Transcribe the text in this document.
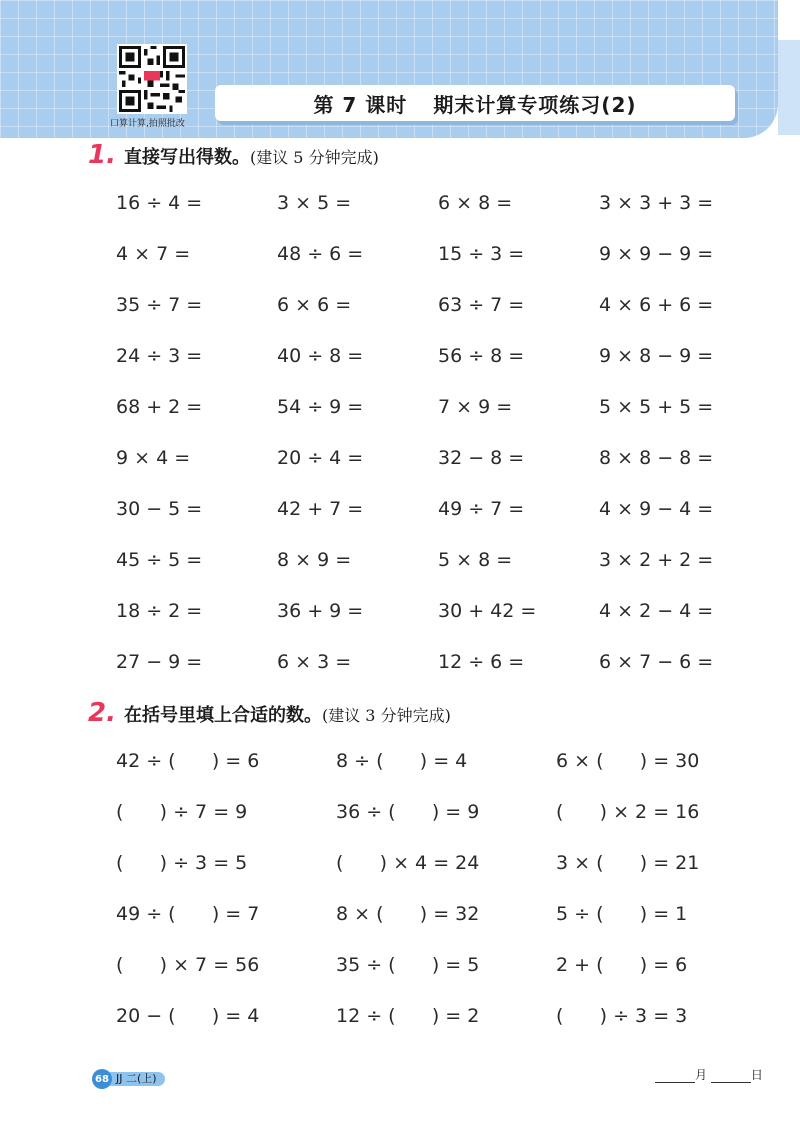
口算计算,拍照批改
第 7 课时 期末计算专项练习(2)
1. 直接写出得数。 (建议 5 分钟完成)
16 ÷ 4 =	3 × 5 =	6 × 8 =	3 × 3 + 3 =
4 × 7 =	48 ÷ 6 =	15 ÷ 3 =	9 × 9 − 9 =
35 ÷ 7 =	6 × 6 =	63 ÷ 7 =	4 × 6 + 6 =
24 ÷ 3 =	40 ÷ 8 =	56 ÷ 8 =	9 × 8 − 9 =
68 + 2 =	54 ÷ 9 =	7 × 9 =	5 × 5 + 5 =
9 × 4 =	20 ÷ 4 =	32 − 8 =	8 × 8 − 8 =
30 − 5 =	42 + 7 =	49 ÷ 7 =	4 × 9 − 4 =
45 ÷ 5 =	8 × 9 =	5 × 8 =	3 × 2 + 2 =
18 ÷ 2 =	36 + 9 =	30 + 42 =	4 × 2 − 4 =
27 − 9 =	6 × 3 =	12 ÷ 6 =	6 × 7 − 6 =
2. 在括号里填上合适的数。 (建议 3 分钟完成)
42 ÷ (      ) = 6	8 ÷ (      ) = 4	6 × (      ) = 30
(      ) ÷ 7 = 9	36 ÷ (      ) = 9	(      ) × 2 = 16
(      ) ÷ 3 = 5	(      ) × 4 = 24	3 × (      ) = 21
49 ÷ (      ) = 7	8 × (      ) = 32	5 ÷ (      ) = 1
(      ) × 7 = 56	35 ÷ (      ) = 5	2 + (      ) = 6
20 − (      ) = 4	12 ÷ (      ) = 2	(      ) ÷ 3 = 3
68 JJ 二(上)	月	日
